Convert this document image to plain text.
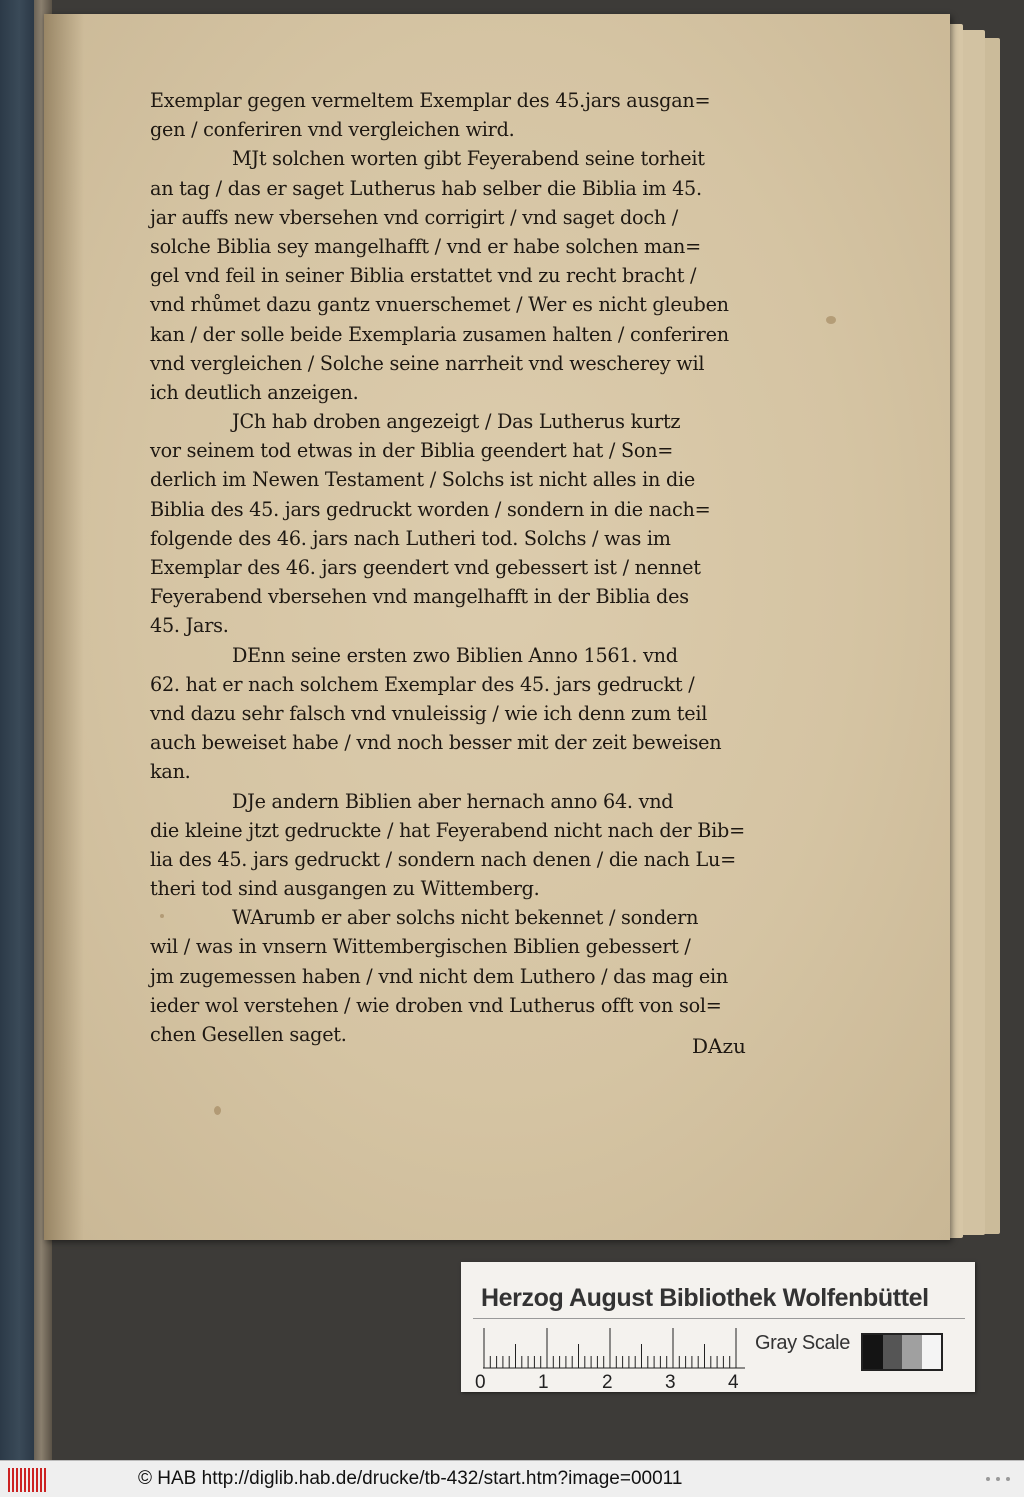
Exemplar gegen vermeltem Exemplar des 45.jars ausgan=
gen / conferiren vnd vergleichen wird.
MJt solchen worten gibt Feyerabend seine torheit
an tag / das er saget Lutherus hab selber die Biblia im 45.
jar auffs new vbersehen vnd corrigirt / vnd saget doch /
solche Biblia sey mangelhafft / vnd er habe solchen man=
gel vnd feil in seiner Biblia erstattet vnd zu recht bracht /
vnd rhůmet dazu gantz vnuerschemet / Wer es nicht gleuben
kan / der solle beide Exemplaria zusamen halten / conferiren
vnd vergleichen / Solche seine narrheit vnd wescherey wil
ich deutlich anzeigen.
JCh hab droben angezeigt / Das Lutherus kurtz
vor seinem tod etwas in der Biblia geendert hat / Son=
derlich im Newen Testament / Solchs ist nicht alles in die
Biblia des 45. jars gedruckt worden / sondern in die nach=
folgende des 46. jars nach Lutheri tod. Solchs / was im
Exemplar des 46. jars geendert vnd gebessert ist / nennet
Feyerabend vbersehen vnd mangelhafft in der Biblia des
45. Jars.
DEnn seine ersten zwo Biblien Anno 1561. vnd
62. hat er nach solchem Exemplar des 45. jars gedruckt /
vnd dazu sehr falsch vnd vnuleissig / wie ich denn zum teil
auch beweiset habe / vnd noch besser mit der zeit beweisen
kan.
DJe andern Biblien aber hernach anno 64. vnd
die kleine jtzt gedruckte / hat Feyerabend nicht nach der Bib=
lia des 45. jars gedruckt / sondern nach denen / die nach Lu=
theri tod sind ausgangen zu Wittemberg.
WArumb er aber solchs nicht bekennet / sondern
wil / was in vnsern Wittembergischen Biblien gebessert /
jm zugemessen haben / vnd nicht dem Luthero / das mag ein
ieder wol verstehen / wie droben vnd Lutherus offt von sol=
chen Gesellen saget.	DAzu
Herzog August Bibliothek Wolfenbüttel
0	1	2	3	4
Gray Scale
© HAB http://diglib.hab.de/drucke/tb-432/start.htm?image=00011
